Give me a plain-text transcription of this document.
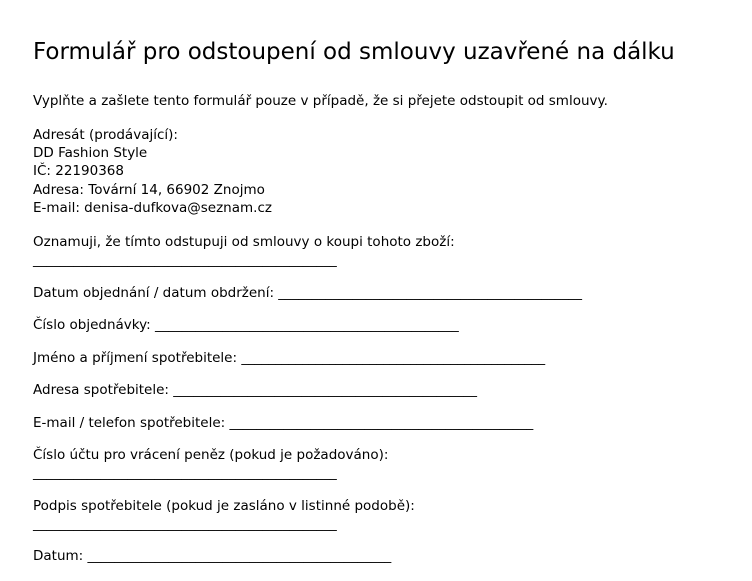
Formulář pro odstoupení od smlouvy uzavřené na dálku
Vyplňte a zašlete tento formulář pouze v případě, že si přejete odstoupit od smlouvy.
Adresát (prodávající):
DD Fashion Style
IČ: 22190368
Adresa: Tovární 14, 66902 Znojmo
E-mail: denisa-dufkova@seznam.cz
Oznamuji, že tímto odstupuji od smlouvy o koupi tohoto zboží:
_____________________________________________
Datum objednání / datum obdržení: _____________________________________________
Číslo objednávky: _____________________________________________
Jméno a příjmení spotřebitele: _____________________________________________
Adresa spotřebitele: _____________________________________________
E-mail / telefon spotřebitele: _____________________________________________
Číslo účtu pro vrácení peněz (pokud je požadováno):
_____________________________________________
Podpis spotřebitele (pokud je zasláno v listinné podobě):
_____________________________________________
Datum: _____________________________________________
